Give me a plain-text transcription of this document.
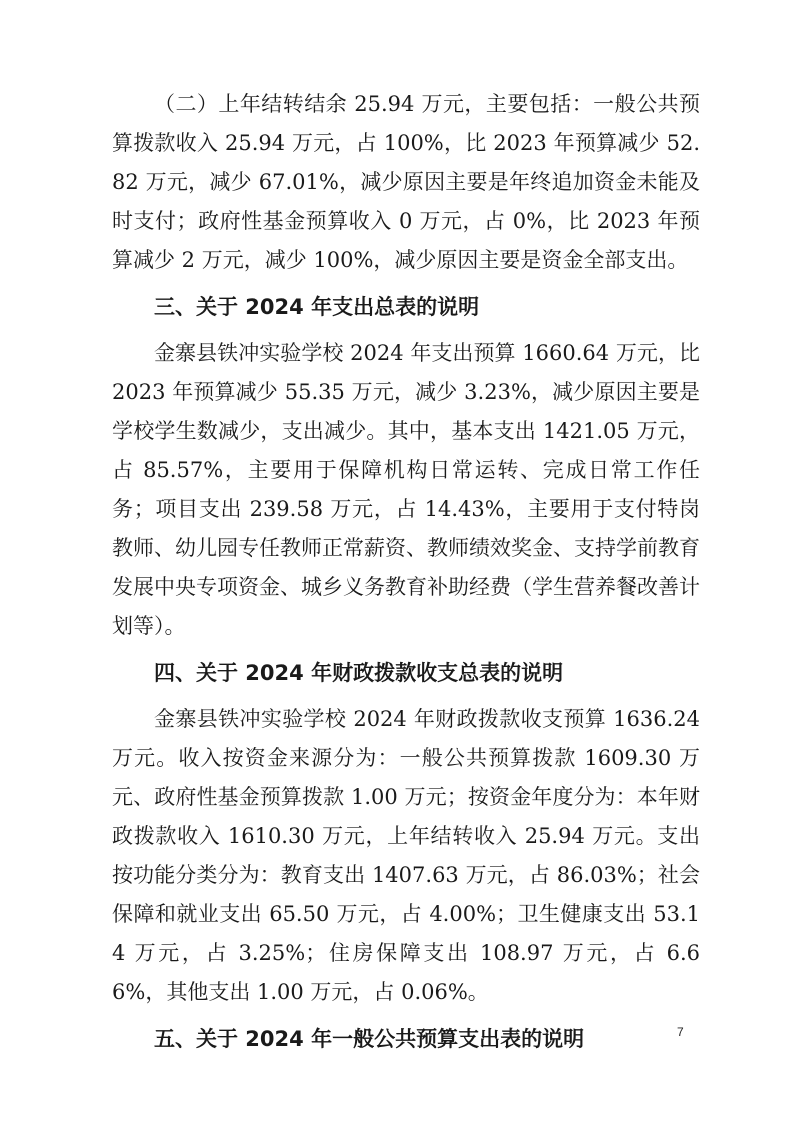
（二）上年结转结余 25.94 万元，主要包括：一般公共预算拨款收入 25.94 万元，占 100%，比 2023 年预算减少 52.82 万元，减少 67.01%，减少原因主要是年终追加资金未能及时支付；政府性基金预算收入 0 万元，占 0%，比 2023 年预算减少 2 万元，减少 100%，减少原因主要是资金全部支出。

三、关于 2024 年支出总表的说明

金寨县铁冲实验学校 2024 年支出预算 1660.64 万元，比 2023 年预算减少 55.35 万元，减少 3.23%，减少原因主要是学校学生数减少，支出减少。其中，基本支出 1421.05 万元，占 85.57%，主要用于保障机构日常运转、完成日常工作任务；项目支出 239.58 万元，占 14.43%，主要用于支付特岗教师、幼儿园专任教师正常薪资、教师绩效奖金、支持学前教育发展中央专项资金、城乡义务教育补助经费（学生营养餐改善计划等）。

四、关于 2024 年财政拨款收支总表的说明

金寨县铁冲实验学校 2024 年财政拨款收支预算 1636.24 万元。收入按资金来源分为：一般公共预算拨款 1609.30 万元、政府性基金预算拨款 1.00 万元；按资金年度分为：本年财政拨款收入 1610.30 万元，上年结转收入 25.94 万元。支出按功能分类分为：教育支出 1407.63 万元，占 86.03%；社会保障和就业支出 65.50 万元，占 4.00%；卫生健康支出 53.14 万元，占 3.25%；住房保障支出 108.97 万元，占 6.66%，其他支出 1.00 万元，占 0.06%。

五、关于 2024 年一般公共预算支出表的说明	7
